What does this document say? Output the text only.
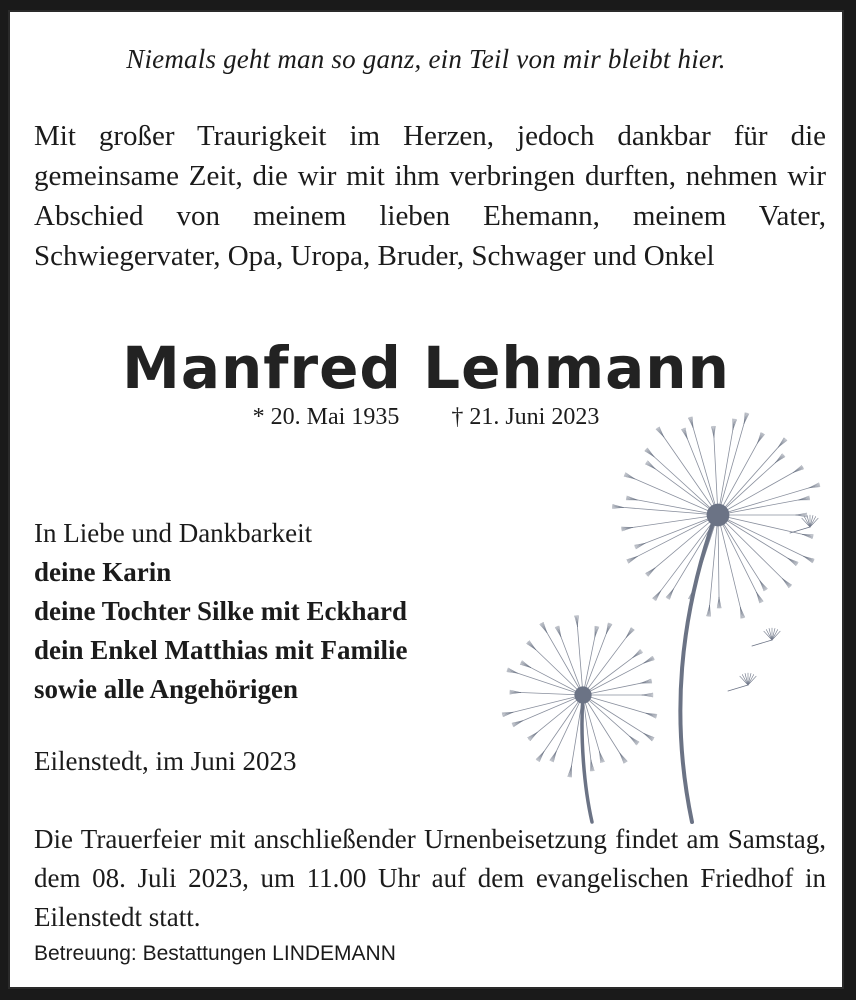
Niemals geht man so ganz, ein Teil von mir bleibt hier.
Mit großer Traurigkeit im Herzen, jedoch dankbar für die gemeinsame Zeit, die wir mit ihm verbringen durften, nehmen wir Abschied von meinem lieben Ehemann, meinem Vater, Schwiegervater, Opa, Uropa, Bruder, Schwager und Onkel
Manfred Lehmann
* 20. Mai 1935 † 21. Juni 2023
In Liebe und Dankbarkeit
deine Karin
deine Tochter Silke mit Eckhard
dein Enkel Matthias mit Familie
sowie alle Angehörigen
Eilenstedt, im Juni 2023
Die Trauerfeier mit anschließender Urnenbeisetzung findet am Samstag, dem 08. Juli 2023, um 11.00 Uhr auf dem evangelischen Friedhof in Eilenstedt statt.
Betreuung: Bestattungen LINDEMANN
